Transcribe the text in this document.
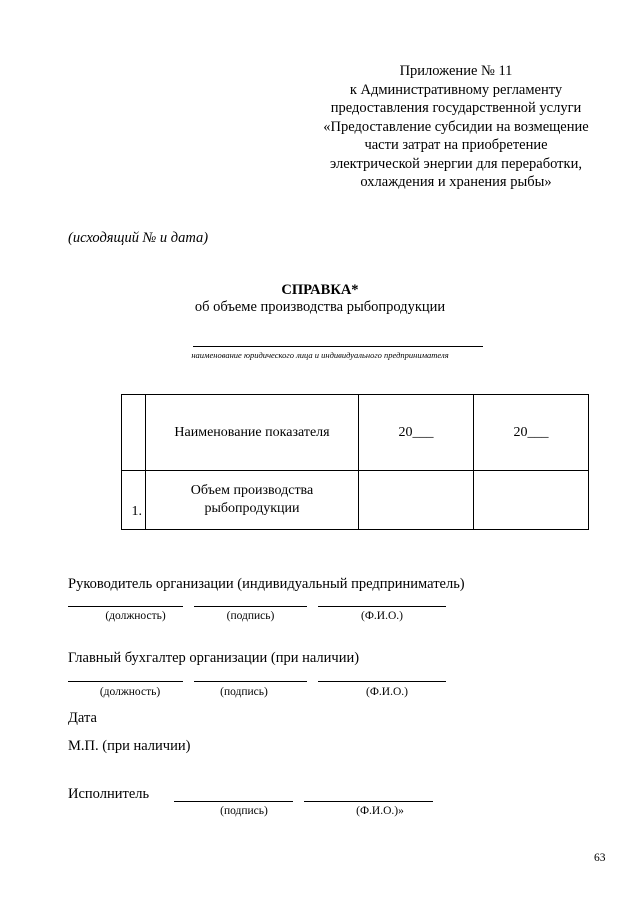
Приложение № 11
к Административному регламенту
предоставления государственной услуги
«Предоставление субсидии на возмещение
части затрат на приобретение
электрической энергии для переработки,
охлаждения и хранения рыбы»
(исходящий № и дата)
СПРАВКА*
об объеме производства рыбопродукции
наименование юридического лица и индивидуального предпринимателя
	Наименование показателя	20___	20___
1.	Объем производства
рыбопродукции		

Руководитель организации (индивидуальный предприниматель)
(должность)	(подпись)	(Ф.И.О.)
Главный бухгалтер организации (при наличии)
(должность)	(подпись)	(Ф.И.О.)
Дата
М.П. (при наличии)
Исполнитель
(подпись)	(Ф.И.О.)»
63
